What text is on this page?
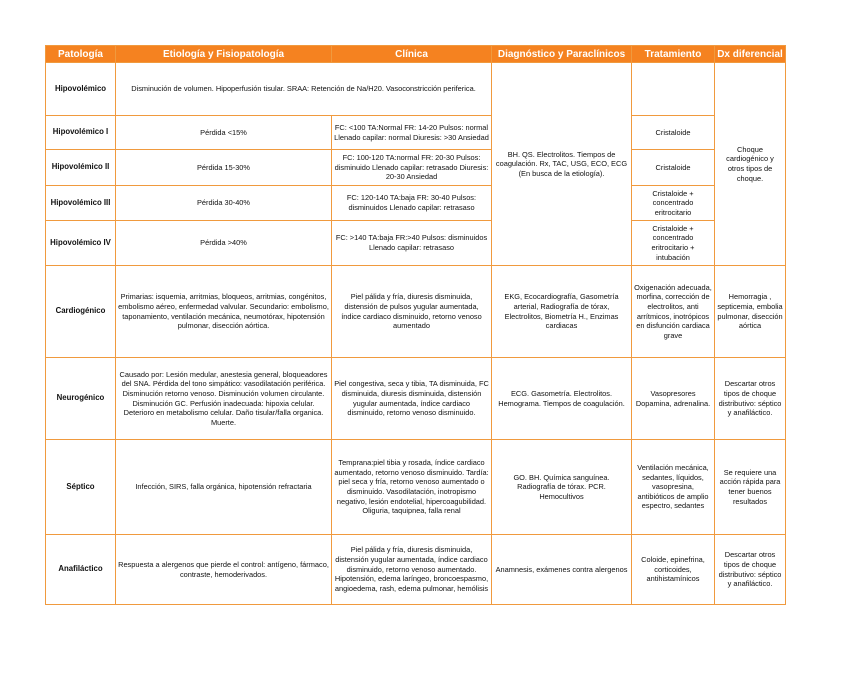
Patología	Etiología y Fisiopatología	Clínica	Diagnóstico y Paraclínicos	Tratamiento	Dx diferencial
Hipovolémico	Disminución de volumen. Hipoperfusión tisular. SRAA: Retención de Na/H20. Vasoconstricción periferica.		BH. QS. Electrolitos. Tiempos de coagulación. Rx, TAC, USG, ECO, ECG (En busca de la etiología).		Choque cardiogénico y otros tipos de choque.
Hipovolémico I	Pérdida <15%	FC: <100 TA:Normal FR: 14-20 Pulsos: normal Llenado capilar: normal Diuresis: >30 Ansiedad		Cristaloide	
Hipovolémico II	Pérdida 15-30%	FC: 100-120 TA:normal FR: 20-30 Pulsos: disminuido Llenado capilar: retrasado Diuresis: 20-30 Ansiedad		Cristaloide	
Hipovolémico III	Pérdida 30-40%	FC: 120-140 TA:baja FR: 30-40 Pulsos: disminuidos Llenado capilar: retrasaso		Cristaloide + concentrado eritrocitario	
Hipovolémico IV	Pérdida >40%	FC: >140 TA:baja FR:>40 Pulsos: disminuidos Llenado capilar: retrasaso		Cristaloide + concentrado eritrocitario + intubación	
Cardiogénico	Primarias: isquemia, arritmias, bloqueos, arritmias, congénitos, embolismo aéreo, enfermedad valvular. Secundario: embolismo, taponamiento, ventilación mecánica, neumotórax, hipotensión pulmonar, disección aórtica.	Piel pálida y fría, diuresis disminuida, distensión de pulsos yugular aumentada, índice cardiaco disminuido, retorno venoso aumentado	EKG, Ecocardiografía, Gasometría arterial, Radiografía de tórax, Electrolitos, Biometría H., Enzimas cardiacas	Oxigenación adecuada, morfina, corrección de electrolitos, anti arrítmicos, inotrópicos en disfunción cardiaca grave	Hemorragia , septicemia, embolia pulmonar, disección aórtica
Neurogénico	Causado por: Lesión medular, anestesia general, bloqueadores del SNA. Pérdida del tono simpático: vasodilatación periférica. Disminución retorno venoso. Disminución volumen circulante. Disminución GC. Perfusión inadecuada: hipoxia celular. Deterioro en metabolismo celular. Daño tisular/falla organica. Muerte.	Piel congestiva, seca y tibia, TA disminuida, FC disminuida, diuresis disminuida, distensión yugular aumentada, índice cardiaco disminuido, retorno venoso disminuido.	ECG. Gasometría. Electrolitos. Hemograma. Tiempos de coagulación.	Vasopresores Dopamina, adrenalina.	Descartar otros tipos de choque distributivo: séptico y anafiláctico.
Séptico	Infección, SIRS, falla orgánica, hipotensión refractaria	Temprana:piel tibia y rosada, índice cardiaco aumentado, retorno venoso disminuido. Tardía: piel seca y fría, retorno venoso aumentado o disminuido. Vasodilatación, inotropismo negativo, lesión endotelial, hipercoagubilidad. Oliguria, taquipnea, falla renal	GO. BH. Química sanguínea. Radiografía de tórax. PCR. Hemocultivos	Ventilación mecánica, sedantes, líquidos, vasopresina, antibióticos de amplio espectro, sedantes	Se requiere una acción rápida para tener buenos resultados
Anafiláctico	Respuesta a alergenos que pierde el control: antígeno, fármaco, contraste, hemoderivados.	Piel pálida y fría, diuresis disminuida, distensión yugular aumentada, índice cardiaco disminuido, retorno venoso aumentado. Hipotensión, edema laríngeo, broncoespasmo, angioedema, rash, edema pulmonar, hemólisis	Anamnesis, exámenes contra alergenos	Coloide, epinefrina, corticoides, antihistamínicos	Descartar otros tipos de choque distributivo: séptico y anafiláctico.
